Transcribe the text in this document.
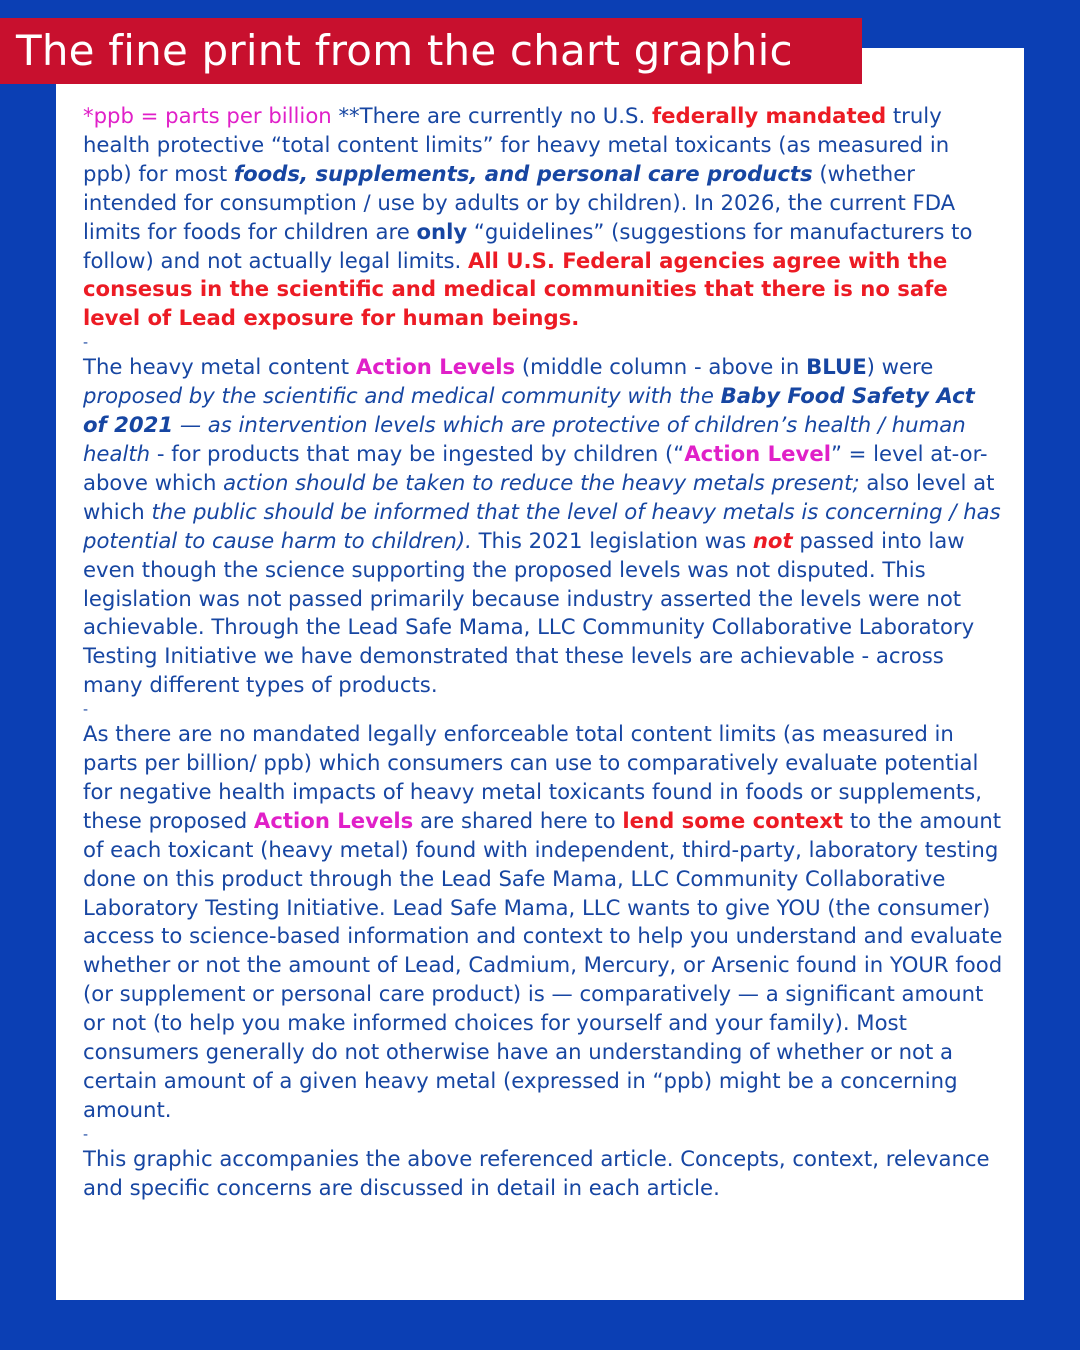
The fine print from the chart graphic

*ppb = parts per billion **There are currently no U.S. federally mandated truly health protective “total content limits” for heavy metal toxicants (as measured in ppb) for most foods, supplements, and personal care products (whether intended for consumption / use by adults or by children). In 2026, the current FDA limits for foods for children are only “guidelines” (suggestions for manufacturers to follow) and not actually legal limits. All U.S. Federal agencies agree with the consesus in the scientific and medical communities that there is no safe level of Lead exposure for human beings.

-

The heavy metal content Action Levels (middle column - above in BLUE) were proposed by the scientific and medical community with the Baby Food Safety Act of 2021 — as intervention levels which are protective of children’s health / human health - for products that may be ingested by children (“Action Level” = level at-or-above which action should be taken to reduce the heavy metals present; also level at which the public should be informed that the level of heavy metals is concerning / has potential to cause harm to children). This 2021 legislation was not passed into law even though the science supporting the proposed levels was not disputed. This legislation was not passed primarily because industry asserted the levels were not achievable. Through the Lead Safe Mama, LLC Community Collaborative Laboratory Testing Initiative we have demonstrated that these levels are achievable - across many different types of products.

-

As there are no mandated legally enforceable total content limits (as measured in parts per billion/ ppb) which consumers can use to comparatively evaluate potential for negative health impacts of heavy metal toxicants found in foods or supplements, these proposed Action Levels are shared here to lend some context to the amount of each toxicant (heavy metal) found with independent, third-party, laboratory testing done on this product through the Lead Safe Mama, LLC Community Collaborative Laboratory Testing Initiative. Lead Safe Mama, LLC wants to give YOU (the consumer) access to science-based information and context to help you understand and evaluate whether or not the amount of Lead, Cadmium, Mercury, or Arsenic found in YOUR food (or supplement or personal care product) is — comparatively — a significant amount or not (to help you make informed choices for yourself and your family). Most consumers generally do not otherwise have an understanding of whether or not a certain amount of a given heavy metal (expressed in “ppb) might be a concerning amount.

-

This graphic accompanies the above referenced article. Concepts, context, relevance and specific concerns are discussed in detail in each article.
